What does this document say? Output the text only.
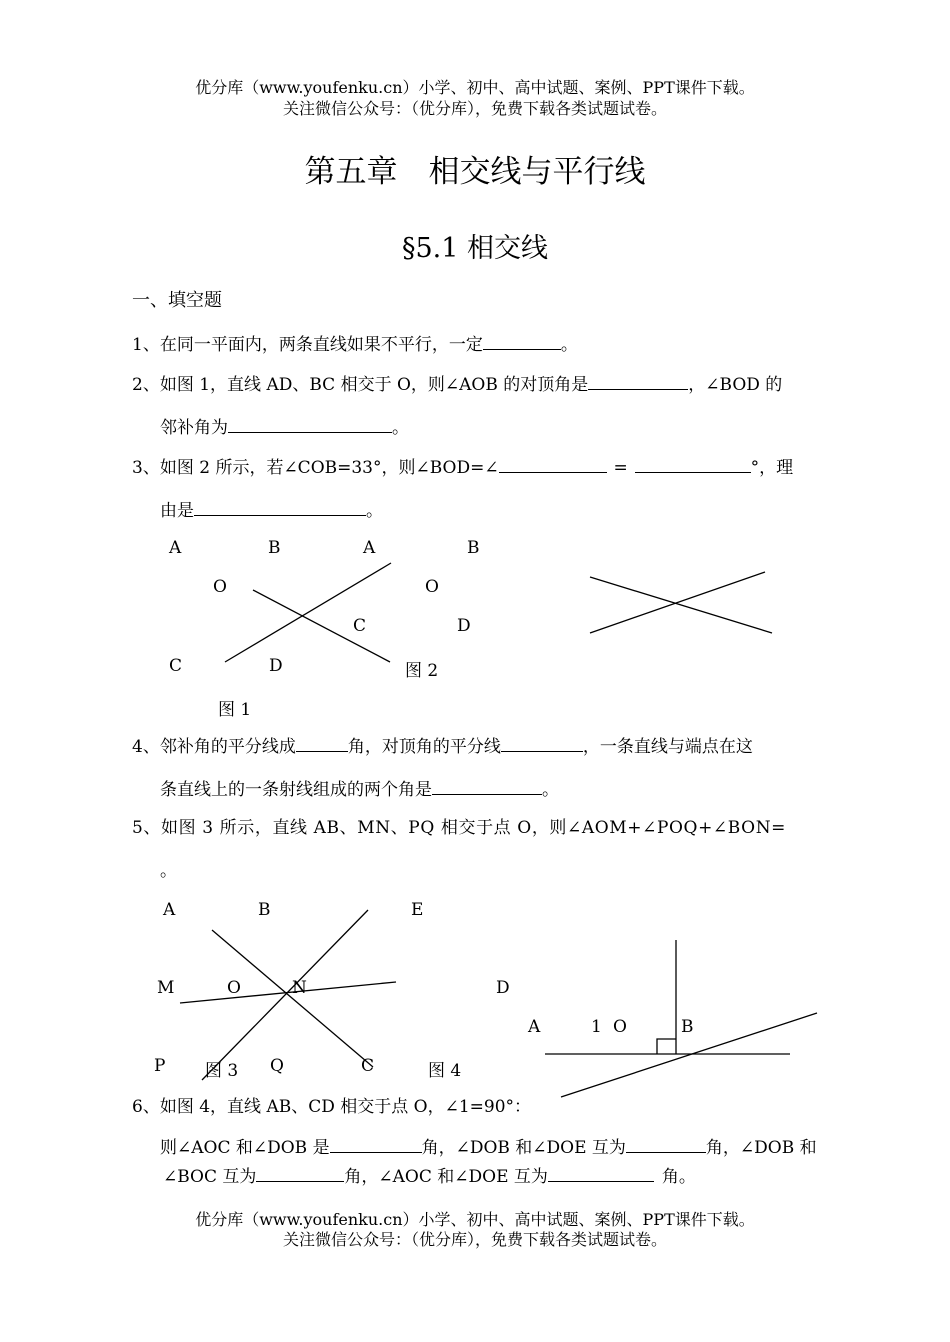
优分库（www.youfenku.cn）小学、初中、高中试题、案例、PPT课件下载。
关注微信公众号：（优分库），免费下载各类试题试卷。
第五章　相交线与平行线
§5.1 相交线
一、填空题
1、在同一平面内，两条直线如果不平行，一定	。
2、如图 1，直线 AD、BC 相交于 O，则∠AOB 的对顶角是	，∠BOD 的
邻补角为	。
3、如图 2 所示，若∠COB=33°，则∠BOD=∠	=	°，理
由是	。
A	B	A	B
O	O
C	D
C	D	图 2
图 1
4、邻补角的平分线成	角，对顶角的平分线	，一条直线与端点在这
条直线上的一条射线组成的两个角是	。
5、如图 3 所示，直线 AB、MN、PQ 相交于点 O，则∠AOM+∠POQ+∠BON=
。
A	B	E
M	O	N	D
A	1 O	B
P 图 3 Q	C	图 4
6、如图 4，直线 AB、CD 相交于点 O，∠1=90°：
则∠AOC 和∠DOB 是	角，∠DOB 和∠DOE 互为	角，∠DOB 和
∠BOC 互为	角，∠AOC 和∠DOE 互为	角。
优分库（www.youfenku.cn）小学、初中、高中试题、案例、PPT课件下载。
关注微信公众号：（优分库），免费下载各类试题试卷。
